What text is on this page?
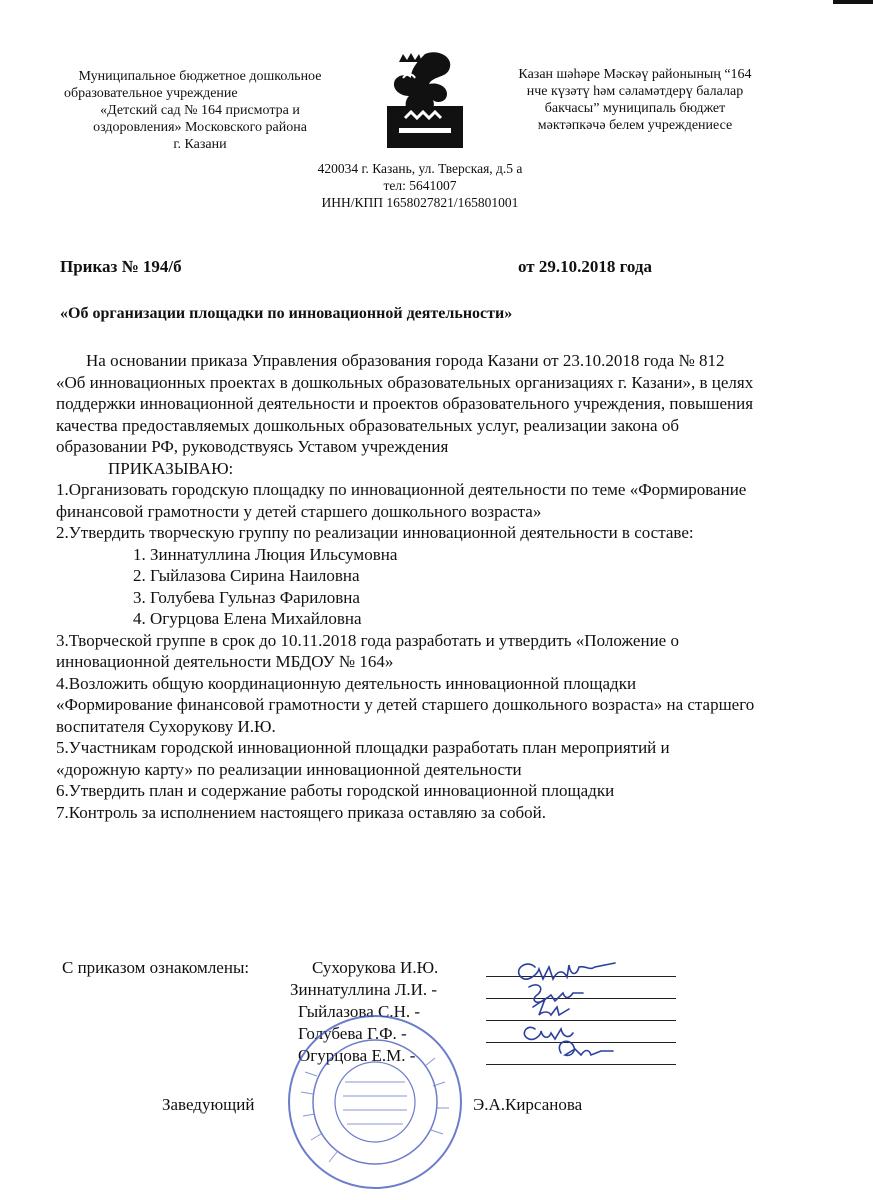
Муниципальное бюджетное дошкольное
образовательное учреждение
«Детский сад № 164 присмотра и
оздоровления» Московского района
г. Казани
Казан шәһәре Мәскәү районының “164
нче күзәтү һәм сәламәтдерү балалар
бакчасы” муниципаль бюджет
мәктәпкәчә белем учреждениесе
420034 г. Казань, ул. Тверская, д.5 а
тел: 5641007
ИНН/КПП 1658027821/165801001
Приказ № 194/б	от 29.10.2018 года
«Об организации площадки по инновационной деятельности»

На основании приказа Управления образования города Казани от 23.10.2018 года № 812 «Об инновационных проектах в дошкольных образовательных организациях г. Казани», в целях поддержки инновационной деятельности и проектов образовательного учреждения, повышения качества предоставляемых дошкольных образовательных услуг, реализации закона об образовании РФ, руководствуясь Уставом учреждения

ПРИКАЗЫВАЮ:

1.Организовать городскую площадку по инновационной деятельности по теме «Формирование финансовой грамотности у детей старшего дошкольного возраста»

2.Утвердить творческую группу по реализации инновационной деятельности в составе:

Зиннатуллина Люция Ильсумовна
Гыйлазова Сирина Наиловна
Голубева Гульназ Фариловна
Огурцова Елена Михайловна

3.Творческой группе в срок до 10.11.2018 года разработать и утвердить «Положение о инновационной деятельности МБДОУ № 164»

4.Возложить общую координационную деятельность инновационной площадки «Формирование финансовой грамотности у детей старшего дошкольного возраста» на старшего воспитателя Сухорукову И.Ю.

5.Участникам городской инновационной площадки разработать план мероприятий и «дорожную карту» по реализации инновационной деятельности

6.Утвердить план и содержание работы городской инновационной площадки

7.Контроль за исполнением настоящего приказа оставляю за собой.

С приказом ознакомлены:	Сухорукова И.Ю.
Зиннатуллина Л.И. -
Гыйлазова С.Н. -
Голубева Г.Ф. -
Огурцова Е.М. -
Заведующий	Э.А.Кирсанова
